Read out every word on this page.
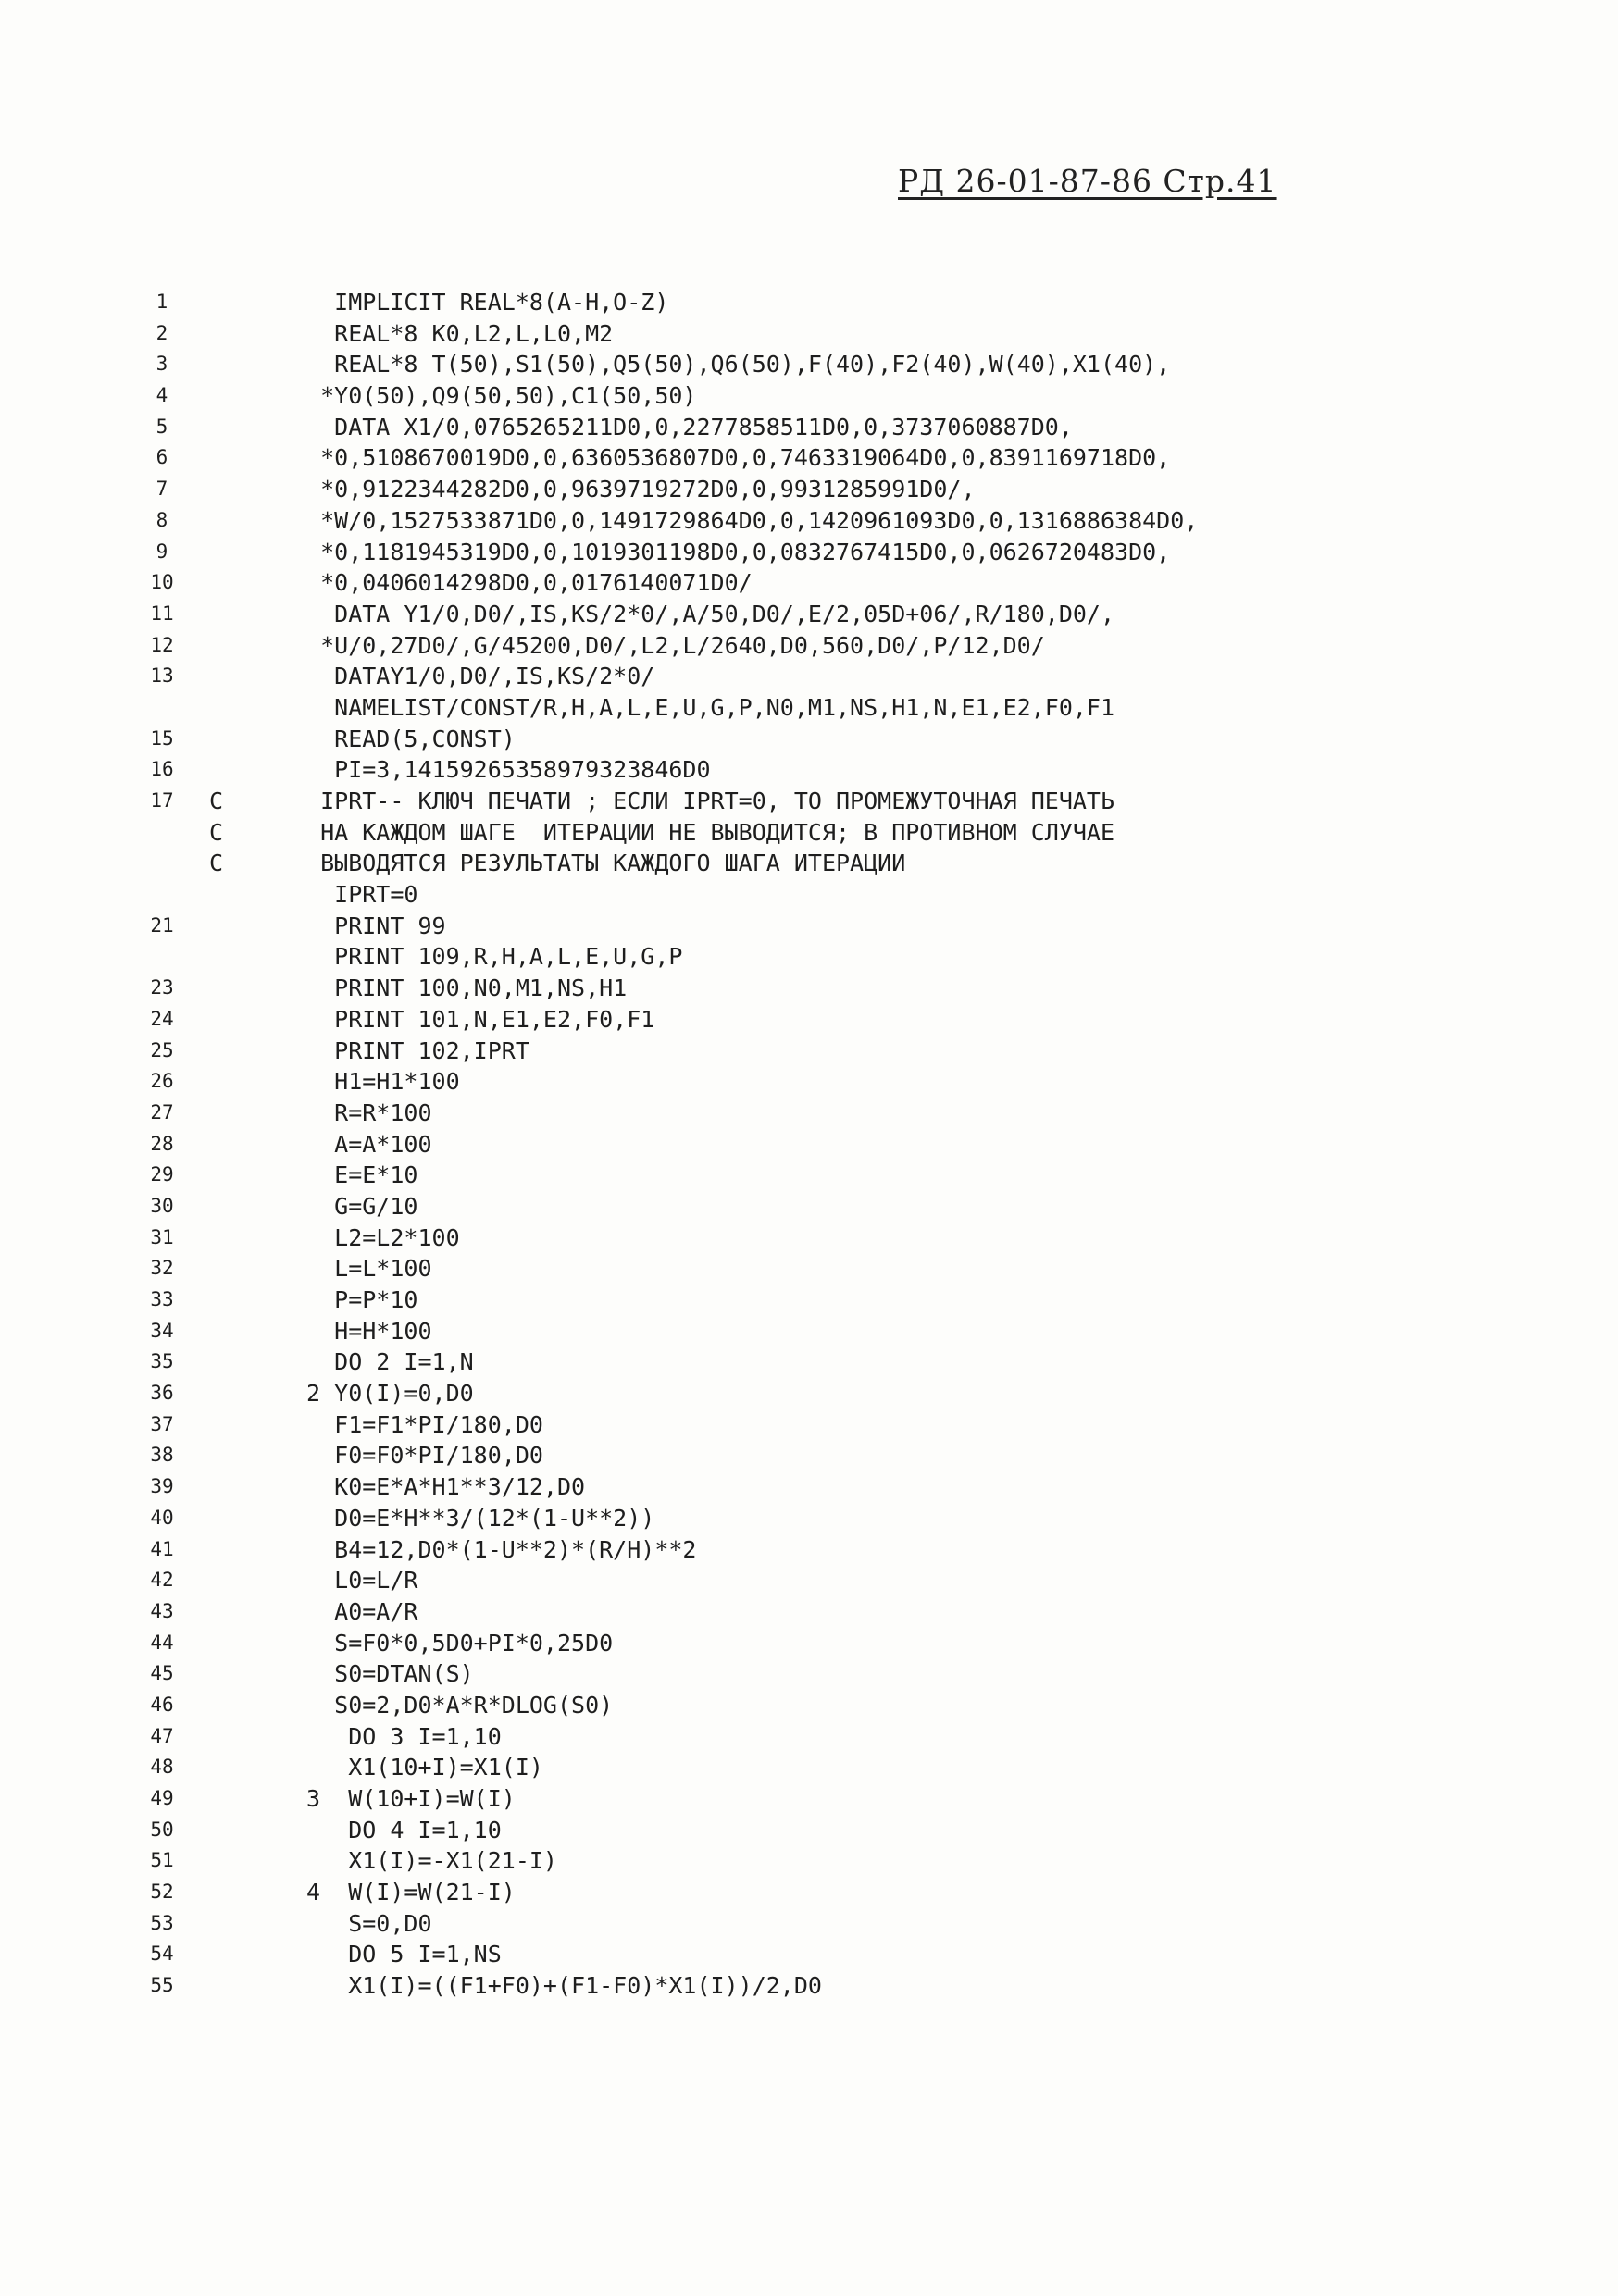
РД 26-01-87-86 Стр.41
1	IMPLICIT REAL*8(A-H,O-Z)
2	REAL*8 K0,L2,L,L0,M2
3	REAL*8 T(50),S1(50),Q5(50),Q6(50),F(40),F2(40),W(40),X1(40),
4	*Y0(50),Q9(50,50),C1(50,50)
5	DATA X1/0,0765265211D0,0,2277858511D0,0,3737060887D0,
6	*0,5108670019D0,0,6360536807D0,0,7463319064D0,0,8391169718D0,
7	*0,9122344282D0,0,9639719272D0,0,9931285991D0/,
8	*W/0,1527533871D0,0,1491729864D0,0,1420961093D0,0,1316886384D0,
9	*0,1181945319D0,0,1019301198D0,0,0832767415D0,0,0626720483D0,
10	*0,0406014298D0,0,0176140071D0/
11	DATA Y1/0,D0/,IS,KS/2*0/,A/50,D0/,E/2,05D+06/,R/180,D0/,
12	*U/0,27D0/,G/45200,D0/,L2,L/2640,D0,560,D0/,P/12,D0/
13	DATAY1/0,D0/,IS,KS/2*0/
NAMELIST/CONST/R,H,A,L,E,U,G,P,N0,M1,NS,H1,N,E1,E2,F0,F1
15	READ(5,CONST)
16	PI=3,14159265358979323846D0
17	C	IPRT-- КЛЮЧ ПЕЧАТИ ; ЕСЛИ IPRT=0, ТО ПРОМЕЖУТОЧНАЯ ПЕЧАТЬ
C	НА КАЖДОМ ШАГЕ  ИТЕРАЦИИ НЕ ВЫВОДИТСЯ; В ПРОТИВНОМ СЛУЧАЕ
C	ВЫВОДЯТСЯ РЕЗУЛЬТАТЫ КАЖДОГО ШАГА ИТЕРАЦИИ
IPRT=0
21	PRINT 99
PRINT 109,R,H,A,L,E,U,G,P
23	PRINT 100,N0,M1,NS,H1
24	PRINT 101,N,E1,E2,F0,F1
25	PRINT 102,IPRT
26	H1=H1*100
27	R=R*100
28	A=A*100
29	E=E*10
30	G=G/10
31	L2=L2*100
32	L=L*100
33	P=P*10
34	H=H*100
35	DO 2 I=1,N
36	2 Y0(I)=0,D0
37	F1=F1*PI/180,D0
38	F0=F0*PI/180,D0
39	K0=E*A*H1**3/12,D0
40	D0=E*H**3/(12*(1-U**2))
41	B4=12,D0*(1-U**2)*(R/H)**2
42	L0=L/R
43	A0=A/R
44	S=F0*0,5D0+PI*0,25D0
45	S0=DTAN(S)
46	S0=2,D0*A*R*DLOG(S0)
47	DO 3 I=1,10
48	X1(10+I)=X1(I)
49	3  W(10+I)=W(I)
50	DO 4 I=1,10
51	X1(I)=-X1(21-I)
52	4  W(I)=W(21-I)
53	S=0,D0
54	DO 5 I=1,NS
55	X1(I)=((F1+F0)+(F1-F0)*X1(I))/2,D0
